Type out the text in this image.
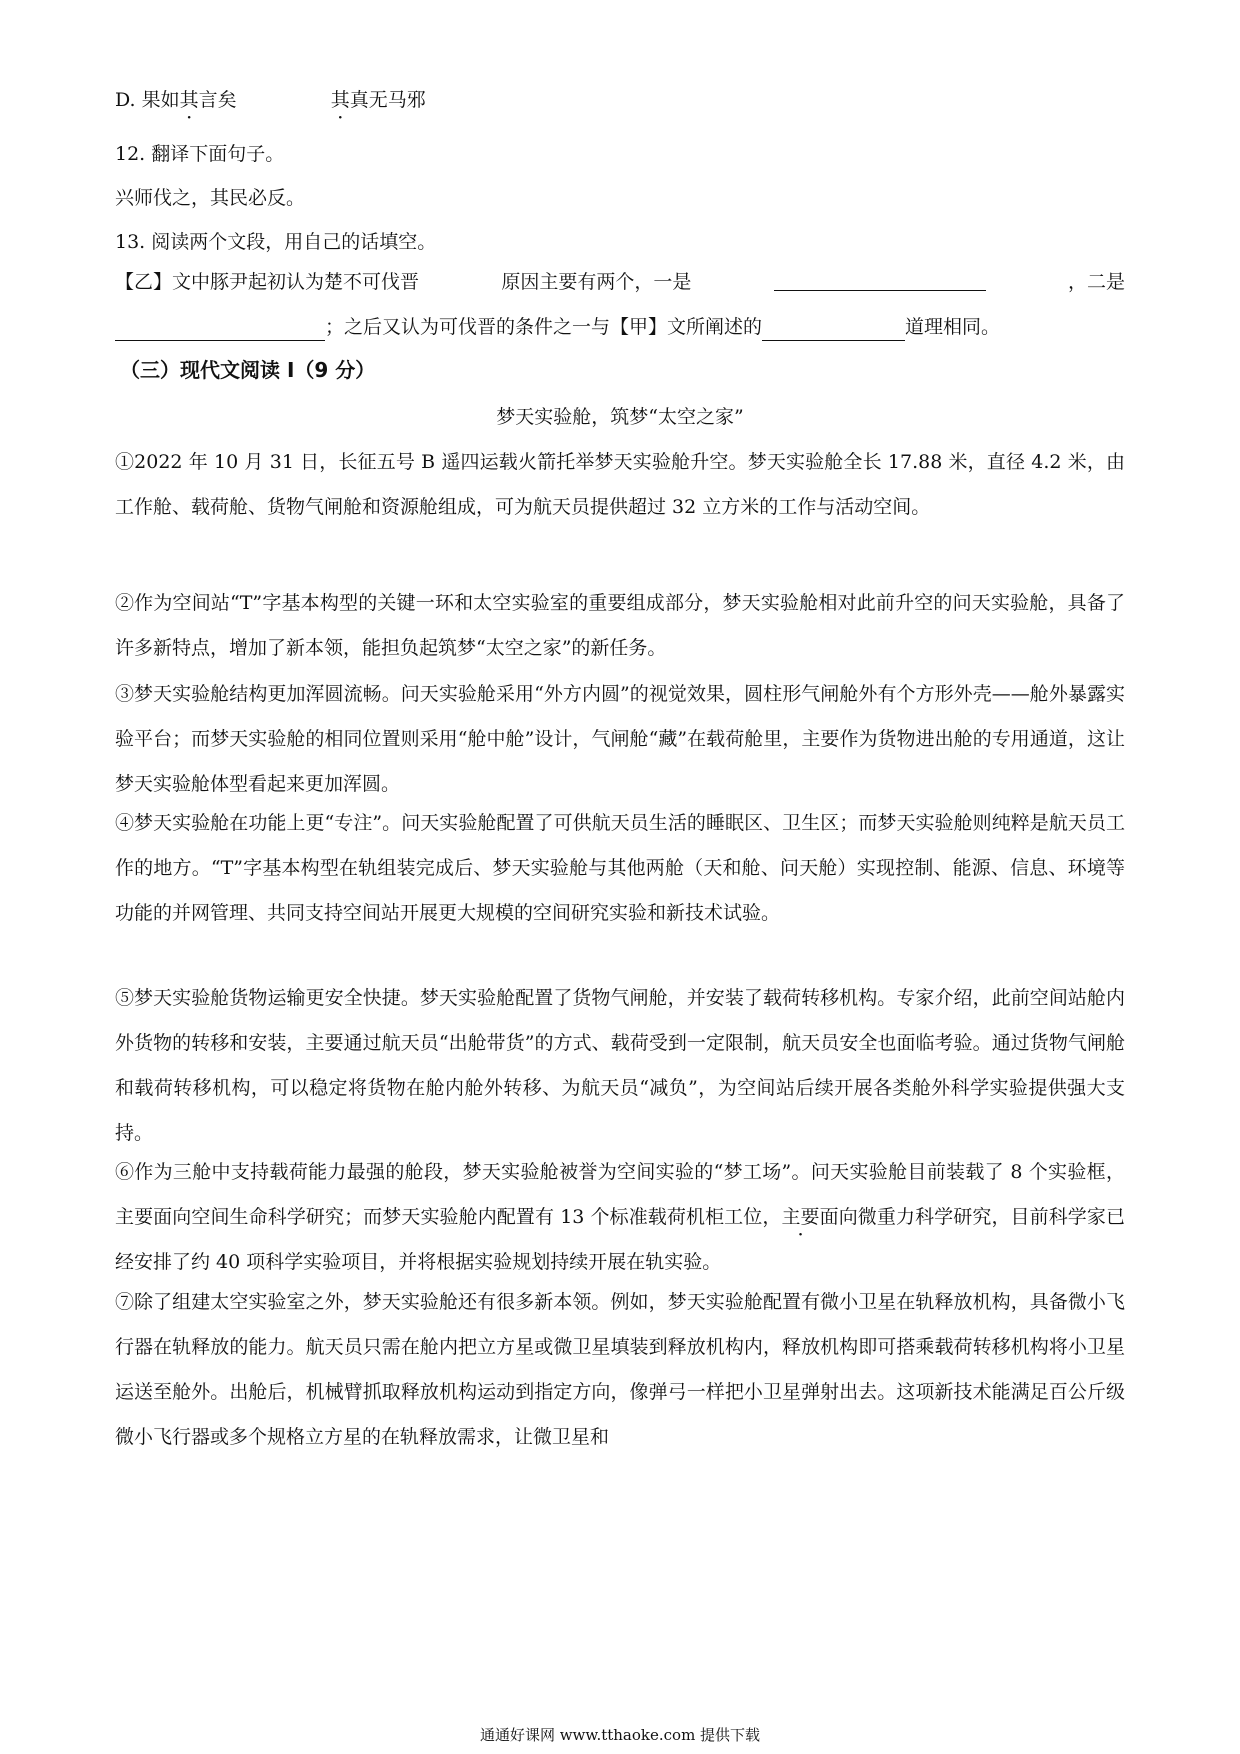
D. 果如其言矣	其真无马邪
12. 翻译下面句子。
兴师伐之，其民必反。
13. 阅读两个文段，用自己的话填空。
【乙】文中豚尹起初认为楚不可伐晋	原因主要有两个，一是	，二是
；之后又认为可伐晋的条件之一与【甲】文所阐述的	道理相同。
（三）现代文阅读 I（9 分）
梦天实验舱，筑梦“太空之家”

①2022 年 10 月 31 日，长征五号 B 遥四运载火箭托举梦天实验舱升空。梦天实验舱全长 17.88 米，直径 4.2 米，由工作舱、载荷舱、货物气闸舱和资源舱组成，可为航天员提供超过 32 立方米的工作与活动空间。

②作为空间站“T”字基本构型的关键一环和太空实验室的重要组成部分，梦天实验舱相对此前升空的问天实验舱，具备了许多新特点，增加了新本领，能担负起筑梦“太空之家”的新任务。

③梦天实验舱结构更加浑圆流畅。问天实验舱采用“外方内圆”的视觉效果，圆柱形气闸舱外有个方形外壳——舱外暴露实验平台；而梦天实验舱的相同位置则采用“舱中舱”设计，气闸舱“藏”在载荷舱里，主要作为货物进出舱的专用通道，这让梦天实验舱体型看起来更加浑圆。

④梦天实验舱在功能上更“专注”。问天实验舱配置了可供航天员生活的睡眠区、卫生区；而梦天实验舱则纯粹是航天员工作的地方。“T”字基本构型在轨组装完成后、梦天实验舱与其他两舱（天和舱、问天舱）实现控制、能源、信息、环境等功能的并网管理、共同支持空间站开展更大规模的空间研究实验和新技术试验。

⑤梦天实验舱货物运输更安全快捷。梦天实验舱配置了货物气闸舱，并安装了载荷转移机构。专家介绍，此前空间站舱内外货物的转移和安装，主要通过航天员“出舱带货”的方式、载荷受到一定限制，航天员安全也面临考验。通过货物气闸舱和载荷转移机构，可以稳定将货物在舱内舱外转移、为航天员“减负”，为空间站后续开展各类舱外科学实验提供强大支持。

⑥作为三舱中支持载荷能力最强的舱段，梦天实验舱被誉为空间实验的“梦工场”。问天实验舱目前装载了 8 个实验框，主要面向空间生命科学研究；而梦天实验舱内配置有 13 个标准载荷机柜工位，主要面向微重力科学研究，目前科学家已经安排了约 40 项科学实验项目，并将根据实验规划持续开展在轨实验。

⑦除了组建太空实验室之外，梦天实验舱还有很多新本领。例如，梦天实验舱配置有微小卫星在轨释放机构，具备微小飞行器在轨释放的能力。航天员只需在舱内把立方星或微卫星填装到释放机构内，释放机构即可搭乘载荷转移机构将小卫星运送至舱外。出舱后，机械臂抓取释放机构运动到指定方向，像弹弓一样把小卫星弹射出去。这项新技术能满足百公斤级微小飞行器或多个规格立方星的在轨释放需求，让微卫星和

通通好课网 www.tthaoke.com 提供下载
